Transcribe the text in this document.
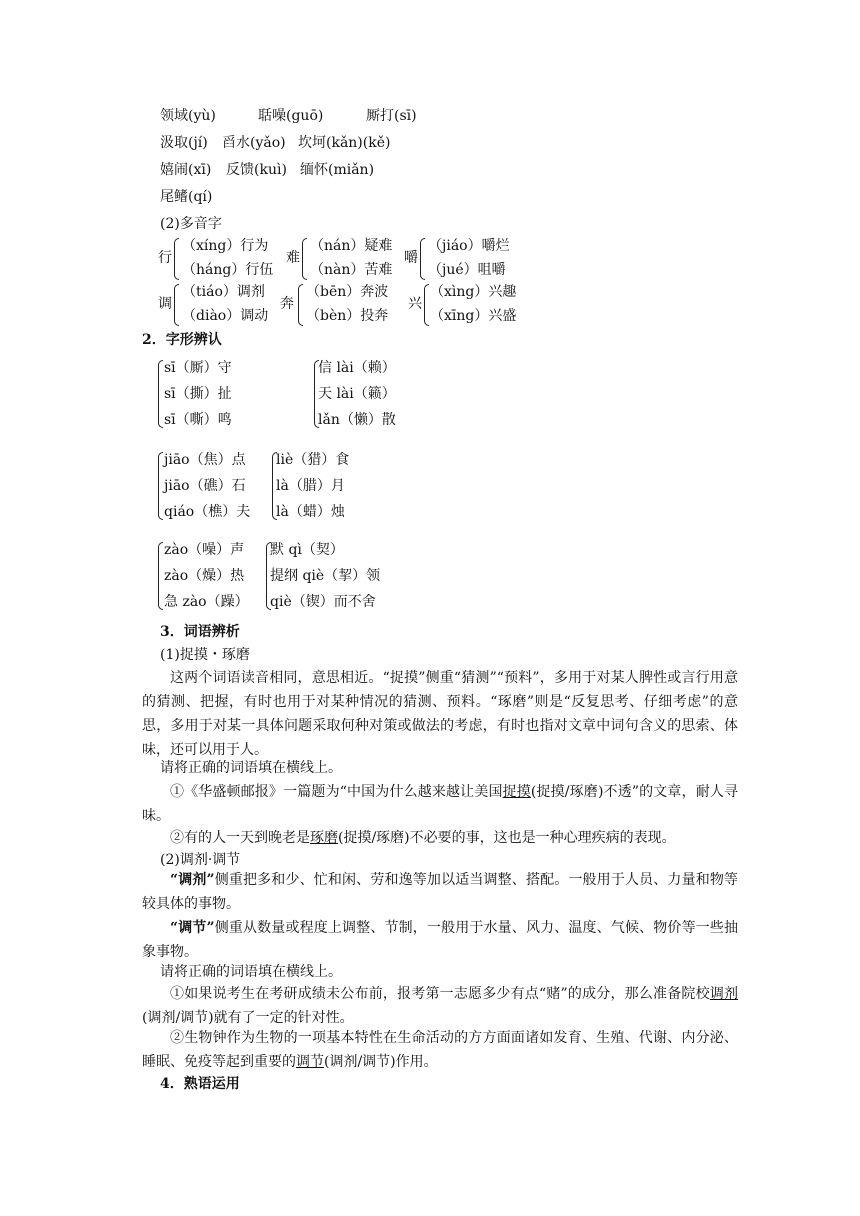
领域(yù)	聒噪(guō)	厮打(sī)
汲取(jí) 舀水(yǎo) 坎坷(kǎn)(kě)
嬉闹(xī) 反馈(kuì) 缅怀(miǎn)
尾鳍(qí)
(2)多音字
行
（xíng）行为
（háng）行伍
难
（nán）疑难
（nàn）苦难
嚼
（jiáo）嚼烂
（jué）咀嚼
调
（tiáo）调剂
（diào）调动
奔
（bēn）奔波
（bèn）投奔
兴
（xìng）兴趣
（xīng）兴盛
2．字形辨认
sī（厮）守
sī（撕）扯
sī（嘶）鸣
信 lài（赖）
天 lài（籁）
lǎn（懒）散
jiāo（焦）点
jiāo（礁）石
qiáo（樵）夫
liè（猎）食
là（腊）月
là（蜡）烛
zào（噪）声
zào（燥）热
急 zào（躁）
默 qì（契）
提纲 qiè（挈）领
qiè（锲）而不舍
3．词语辨析
(1)捉摸・琢磨
这两个词语读音相同，意思相近。“捉摸”侧重“猜测”“预料”，多用于对某人脾性或言行用意的猜测、把握，有时也用于对某种情况的猜测、预料。“琢磨”则是“反复思考、仔细考虑”的意思，多用于对某一具体问题采取何种对策或做法的考虑，有时也指对文章中词句含义的思索、体味，还可以用于人。
请将正确的词语填在横线上。
①《华盛顿邮报》一篇题为“中国为什么越来越让美国捉摸(捉摸/琢磨)不透”的文章，耐人寻味。
②有的人一天到晚老是琢磨(捉摸/琢磨)不必要的事，这也是一种心理疾病的表现。
(2)调剂·调节
“调剂”侧重把多和少、忙和闲、劳和逸等加以适当调整、搭配。一般用于人员、力量和物等较具体的事物。
“调节”侧重从数量或程度上调整、节制，一般用于水量、风力、温度、气候、物价等一些抽象事物。
请将正确的词语填在横线上。
①如果说考生在考研成绩未公布前，报考第一志愿多少有点“赌”的成分，那么准备院校调剂(调剂/调节)就有了一定的针对性。
②生物钟作为生物的一项基本特性在生命活动的方方面面诸如发育、生殖、代谢、内分泌、睡眠、免疫等起到重要的调节(调剂/调节)作用。
4．熟语运用
